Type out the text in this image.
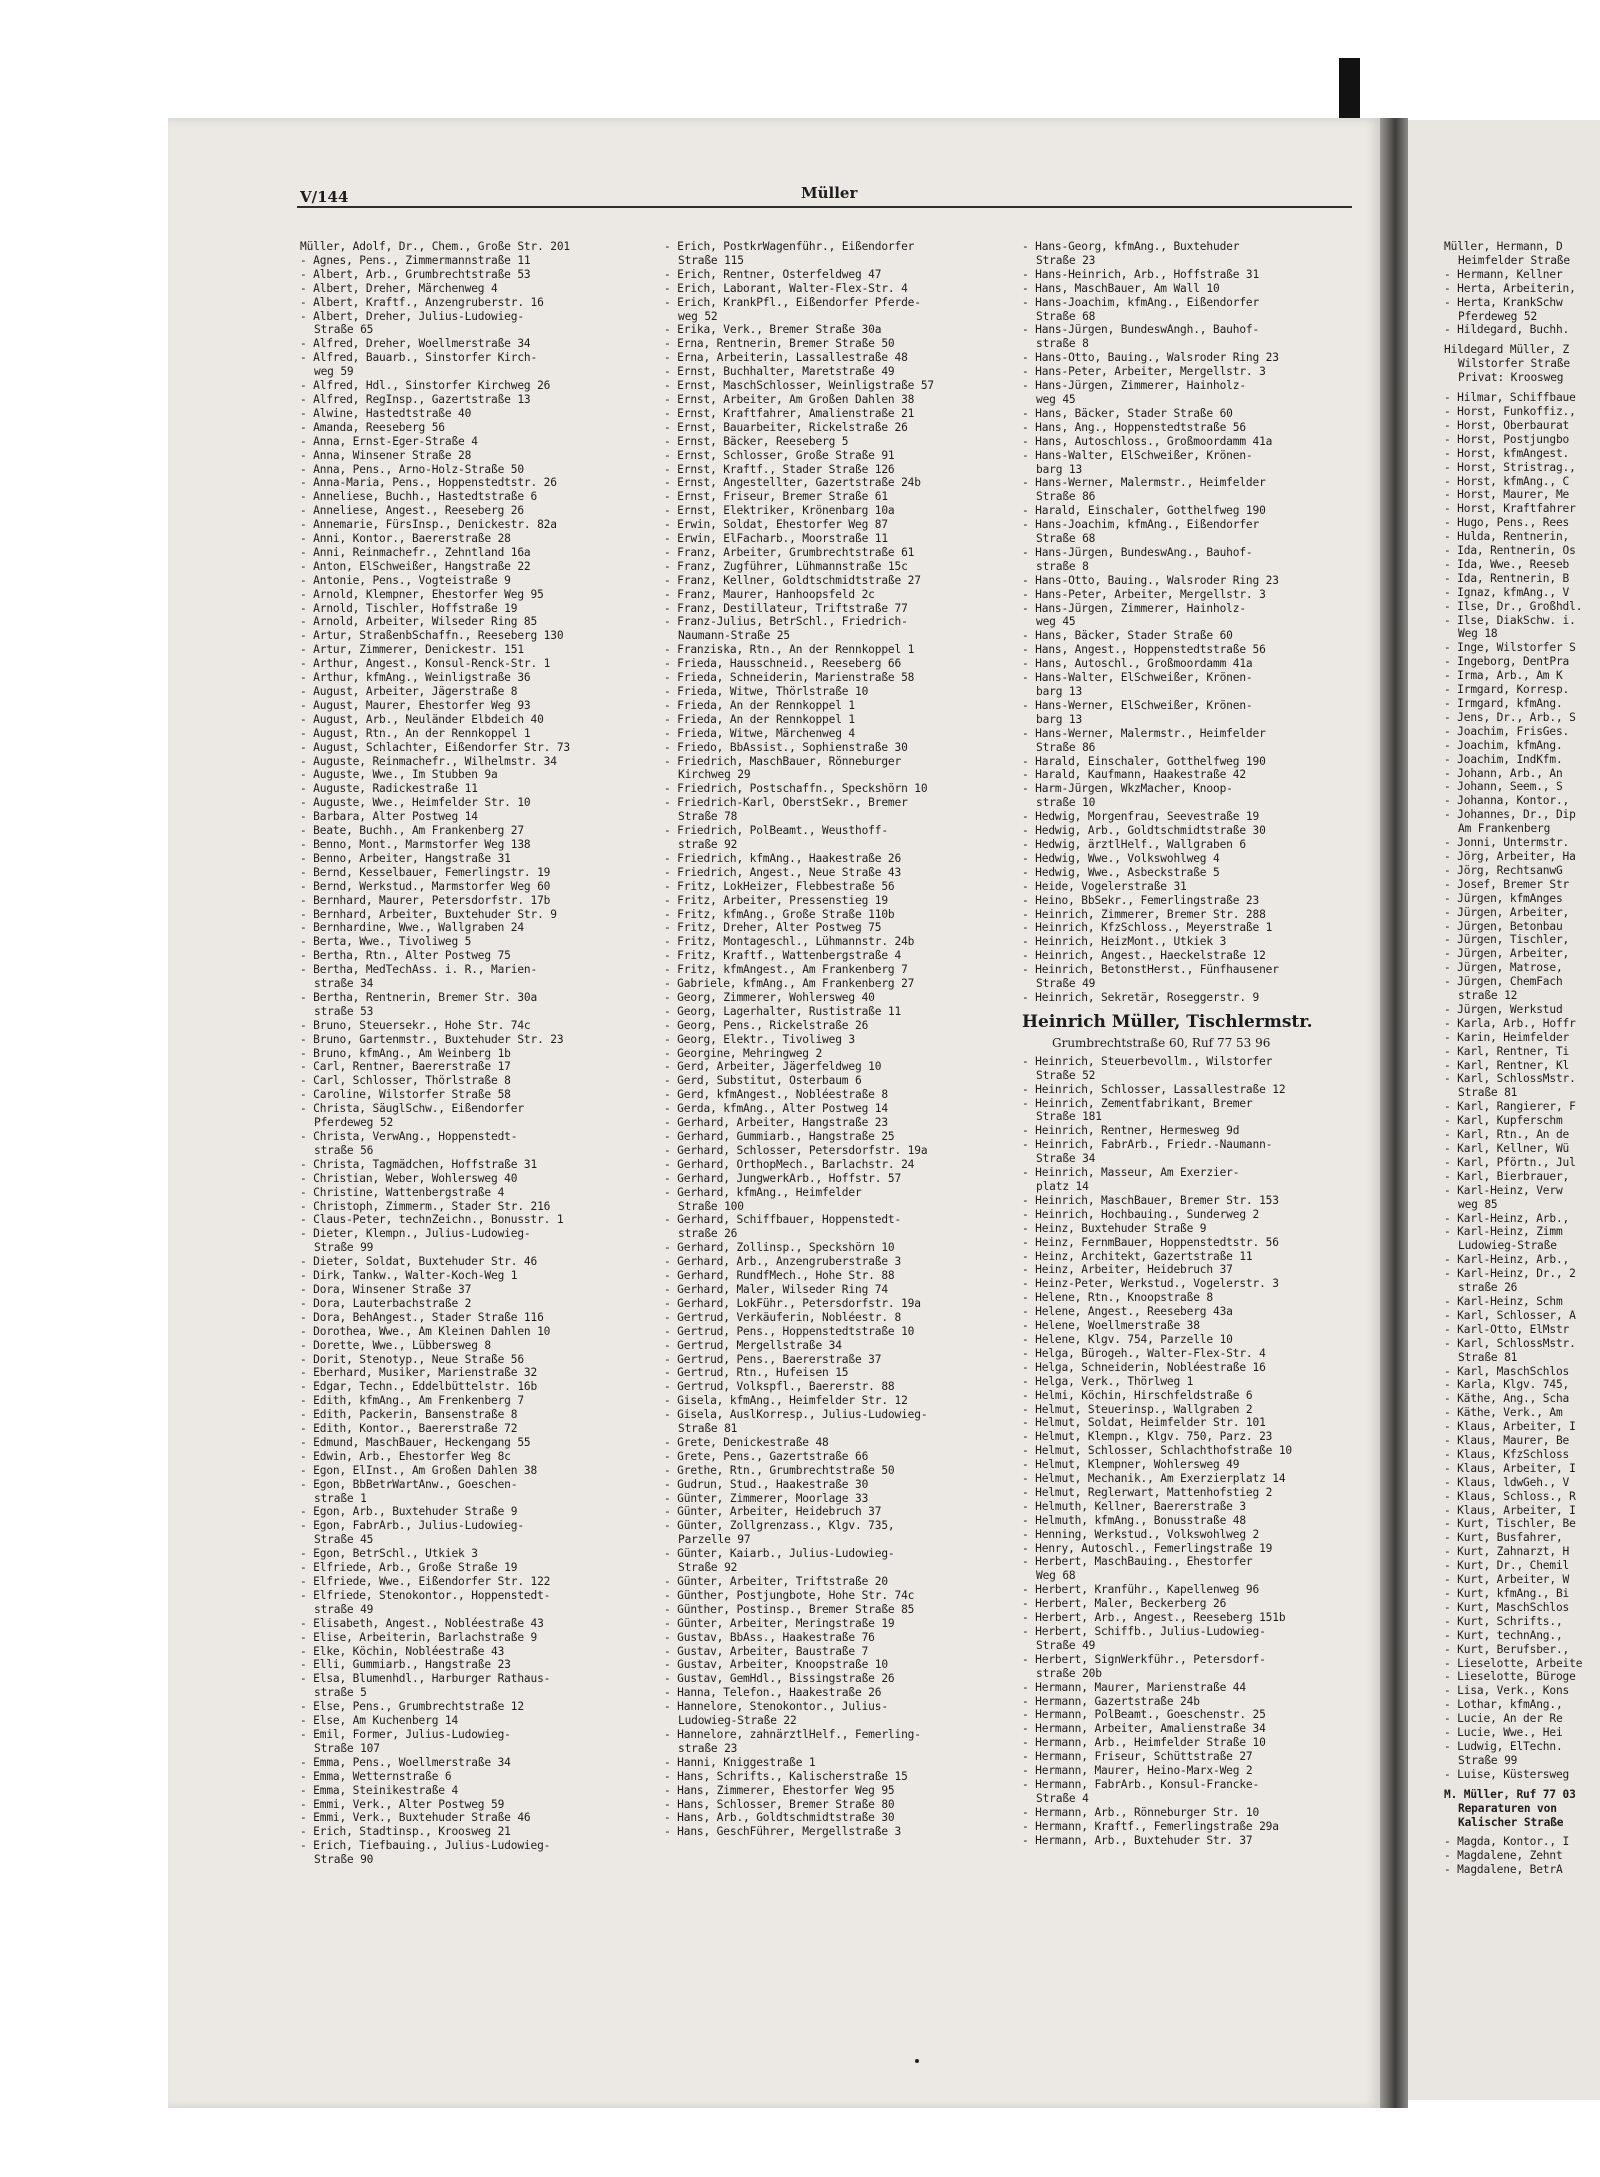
V/144	Müller
Müller, Adolf, Dr., Chem., Große Str. 201
- Agnes, Pens., Zimmermannstraße 11
- Albert, Arb., Grumbrechtstraße 53
- Albert, Dreher, Märchenweg 4
- Albert, Kraftf., Anzengruberstr. 16
- Albert, Dreher, Julius-Ludowieg-
Straße 65
- Alfred, Dreher, Woellmerstraße 34
- Alfred, Bauarb., Sinstorfer Kirch-
weg 59
- Alfred, Hdl., Sinstorfer Kirchweg 26
- Alfred, RegInsp., Gazertstraße 13
- Alwine, Hastedtstraße 40
- Amanda, Reeseberg 56
- Anna, Ernst-Eger-Straße 4
- Anna, Winsener Straße 28
- Anna, Pens., Arno-Holz-Straße 50
- Anna-Maria, Pens., Hoppenstedtstr. 26
- Anneliese, Buchh., Hastedtstraße 6
- Anneliese, Angest., Reeseberg 26
- Annemarie, FürsInsp., Denickestr. 82a
- Anni, Kontor., Baererstraße 28
- Anni, Reinmachefr., Zehntland 16a
- Anton, ElSchweißer, Hangstraße 22
- Antonie, Pens., Vogteistraße 9
- Arnold, Klempner, Ehestorfer Weg 95
- Arnold, Tischler, Hoffstraße 19
- Arnold, Arbeiter, Wilseder Ring 85
- Artur, StraßenbSchaffn., Reeseberg 130
- Artur, Zimmerer, Denickestr. 151
- Arthur, Angest., Konsul-Renck-Str. 1
- Arthur, kfmAng., Weinligstraße 36
- August, Arbeiter, Jägerstraße 8
- August, Maurer, Ehestorfer Weg 93
- August, Arb., Neuländer Elbdeich 40
- August, Rtn., An der Rennkoppel 1
- August, Schlachter, Eißendorfer Str. 73
- Auguste, Reinmachefr., Wilhelmstr. 34
- Auguste, Wwe., Im Stubben 9a
- Auguste, Radickestraße 11
- Auguste, Wwe., Heimfelder Str. 10
- Barbara, Alter Postweg 14
- Beate, Buchh., Am Frankenberg 27
- Benno, Mont., Marmstorfer Weg 138
- Benno, Arbeiter, Hangstraße 31
- Bernd, Kesselbauer, Femerlingstr. 19
- Bernd, Werkstud., Marmstorfer Weg 60
- Bernhard, Maurer, Petersdorfstr. 17b
- Bernhard, Arbeiter, Buxtehuder Str. 9
- Bernhardine, Wwe., Wallgraben 24
- Berta, Wwe., Tivoliweg 5
- Bertha, Rtn., Alter Postweg 75
- Bertha, MedTechAss. i. R., Marien-
straße 34
- Bertha, Rentnerin, Bremer Str. 30a
straße 53
- Bruno, Steuersekr., Hohe Str. 74c
- Bruno, Gartenmstr., Buxtehuder Str. 23
- Bruno, kfmAng., Am Weinberg 1b
- Carl, Rentner, Baererstraße 17
- Carl, Schlosser, Thörlstraße 8
- Caroline, Wilstorfer Straße 58
- Christa, SäuglSchw., Eißendorfer
Pferdeweg 52
- Christa, VerwAng., Hoppenstedt-
straße 56
- Christa, Tagmädchen, Hoffstraße 31
- Christian, Weber, Wohlersweg 40
- Christine, Wattenbergstraße 4
- Christoph, Zimmerm., Stader Str. 216
- Claus-Peter, technZeichn., Bonusstr. 1
- Dieter, Klempn., Julius-Ludowieg-
Straße 99
- Dieter, Soldat, Buxtehuder Str. 46
- Dirk, Tankw., Walter-Koch-Weg 1
- Dora, Winsener Straße 37
- Dora, Lauterbachstraße 2
- Dora, BehAngest., Stader Straße 116
- Dorothea, Wwe., Am Kleinen Dahlen 10
- Dorette, Wwe., Lübbersweg 8
- Dorit, Stenotyp., Neue Straße 56
- Eberhard, Musiker, Marienstraße 32
- Edgar, Techn., Eddelbüttelstr. 16b
- Edith, kfmAng., Am Frenkenberg 7
- Edith, Packerin, Bansenstraße 8
- Edith, Kontor., Baererstraße 72
- Edmund, MaschBauer, Heckengang 55
- Edwin, Arb., Ehestorfer Weg 8c
- Egon, ElInst., Am Großen Dahlen 38
- Egon, BbBetrWartAnw., Goeschen-
straße 1
- Egon, Arb., Buxtehuder Straße 9
- Egon, FabrArb., Julius-Ludowieg-
Straße 45
- Egon, BetrSchl., Utkiek 3
- Elfriede, Arb., Große Straße 19
- Elfriede, Wwe., Eißendorfer Str. 122
- Elfriede, Stenokontor., Hoppenstedt-
straße 49
- Elisabeth, Angest., Nobléestraße 43
- Elise, Arbeiterin, Barlachstraße 9
- Elke, Köchin, Nobléestraße 43
- Elli, Gummiarb., Hangstraße 23
- Elsa, Blumenhdl., Harburger Rathaus-
straße 5
- Else, Pens., Grumbrechtstraße 12
- Else, Am Kuchenberg 14
- Emil, Former, Julius-Ludowieg-
Straße 107
- Emma, Pens., Woellmerstraße 34
- Emma, Wetternstraße 6
- Emma, Steinikestraße 4
- Emmi, Verk., Alter Postweg 59
- Emmi, Verk., Buxtehuder Straße 46
- Erich, Stadtinsp., Kroosweg 21
- Erich, Tiefbauing., Julius-Ludowieg-
Straße 90
- Erich, PostkrWagenführ., Eißendorfer
Straße 115
- Erich, Rentner, Osterfeldweg 47
- Erich, Laborant, Walter-Flex-Str. 4
- Erich, KrankPfl., Eißendorfer Pferde-
weg 52
- Erika, Verk., Bremer Straße 30a
- Erna, Rentnerin, Bremer Straße 50
- Erna, Arbeiterin, Lassallestraße 48
- Ernst, Buchhalter, Maretstraße 49
- Ernst, MaschSchlosser, Weinligstraße 57
- Ernst, Arbeiter, Am Großen Dahlen 38
- Ernst, Kraftfahrer, Amalienstraße 21
- Ernst, Bauarbeiter, Rickelstraße 26
- Ernst, Bäcker, Reeseberg 5
- Ernst, Schlosser, Große Straße 91
- Ernst, Kraftf., Stader Straße 126
- Ernst, Angestellter, Gazertstraße 24b
- Ernst, Friseur, Bremer Straße 61
- Ernst, Elektriker, Krönenbarg 10a
- Erwin, Soldat, Ehestorfer Weg 87
- Erwin, ElFacharb., Moorstraße 11
- Franz, Arbeiter, Grumbrechtstraße 61
- Franz, Zugführer, Lühmannstraße 15c
- Franz, Kellner, Goldtschmidtstraße 27
- Franz, Maurer, Hanhoopsfeld 2c
- Franz, Destillateur, Triftstraße 77
- Franz-Julius, BetrSchl., Friedrich-
Naumann-Straße 25
- Franziska, Rtn., An der Rennkoppel 1
- Frieda, Hausschneid., Reeseberg 66
- Frieda, Schneiderin, Marienstraße 58
- Frieda, Witwe, Thörlstraße 10
- Frieda, An der Rennkoppel 1
- Frieda, An der Rennkoppel 1
- Frieda, Witwe, Märchenweg 4
- Friedo, BbAssist., Sophienstraße 30
- Friedrich, MaschBauer, Rönneburger
Kirchweg 29
- Friedrich, Postschaffn., Speckshörn 10
- Friedrich-Karl, OberstSekr., Bremer
Straße 78
- Friedrich, PolBeamt., Weusthoff-
straße 92
- Friedrich, kfmAng., Haakestraße 26
- Friedrich, Angest., Neue Straße 43
- Fritz, LokHeizer, Flebbestraße 56
- Fritz, Arbeiter, Pressenstieg 19
- Fritz, kfmAng., Große Straße 110b
- Fritz, Dreher, Alter Postweg 75
- Fritz, Montageschl., Lühmannstr. 24b
- Fritz, Kraftf., Wattenbergstraße 4
- Fritz, kfmAngest., Am Frankenberg 7
- Gabriele, kfmAng., Am Frankenberg 27
- Georg, Zimmerer, Wohlersweg 40
- Georg, Lagerhalter, Rustistraße 11
- Georg, Pens., Rickelstraße 26
- Georg, Elektr., Tivoliweg 3
- Georgine, Mehringweg 2
- Gerd, Arbeiter, Jägerfeldweg 10
- Gerd, Substitut, Osterbaum 6
- Gerd, kfmAngest., Nobléestraße 8
- Gerda, kfmAng., Alter Postweg 14
- Gerhard, Arbeiter, Hangstraße 23
- Gerhard, Gummiarb., Hangstraße 25
- Gerhard, Schlosser, Petersdorfstr. 19a
- Gerhard, OrthopMech., Barlachstr. 24
- Gerhard, JungwerkArb., Hoffstr. 57
- Gerhard, kfmAng., Heimfelder
Straße 100
- Gerhard, Schiffbauer, Hoppenstedt-
straße 26
- Gerhard, Zollinsp., Speckshörn 10
- Gerhard, Arb., Anzengruberstraße 3
- Gerhard, RundfMech., Hohe Str. 88
- Gerhard, Maler, Wilseder Ring 74
- Gerhard, LokFühr., Petersdorfstr. 19a
- Gertrud, Verkäuferin, Nobléestr. 8
- Gertrud, Pens., Hoppenstedtstraße 10
- Gertrud, Mergellstraße 34
- Gertrud, Pens., Baererstraße 37
- Gertrud, Rtn., Hufeisen 15
- Gertrud, Volkspfl., Baererstr. 88
- Gisela, kfmAng., Heimfelder Str. 12
- Gisela, AuslKorresp., Julius-Ludowieg-
Straße 81
- Grete, Denickestraße 48
- Grete, Pens., Gazertstraße 66
- Grethe, Rtn., Grumbrechtstraße 50
- Gudrun, Stud., Haakestraße 30
- Günter, Zimmerer, Moorlage 33
- Günter, Arbeiter, Heidebruch 37
- Günter, Zollgrenzass., Klgv. 735,
Parzelle 97
- Günter, Kaiarb., Julius-Ludowieg-
Straße 92
- Günter, Arbeiter, Triftstraße 20
- Günther, Postjungbote, Hohe Str. 74c
- Günther, Postinsp., Bremer Straße 85
- Günter, Arbeiter, Meringstraße 19
- Gustav, BbAss., Haakestraße 76
- Gustav, Arbeiter, Baustraße 7
- Gustav, Arbeiter, Knoopstraße 10
- Gustav, GemHdl., Bissingstraße 26
- Hanna, Telefon., Haakestraße 26
- Hannelore, Stenokontor., Julius-
Ludowieg-Straße 22
- Hannelore, zahnärztlHelf., Femerling-
straße 23
- Hanni, Kniggestraße 1
- Hans, Schrifts., Kalischerstraße 15
- Hans, Zimmerer, Ehestorfer Weg 95
- Hans, Schlosser, Bremer Straße 80
- Hans, Arb., Goldtschmidtstraße 30
- Hans, GeschFührer, Mergellstraße 3
- Hans-Georg, kfmAng., Buxtehuder
Straße 23
- Hans-Heinrich, Arb., Hoffstraße 31
- Hans, MaschBauer, Am Wall 10
- Hans-Joachim, kfmAng., Eißendorfer
Straße 68
- Hans-Jürgen, BundeswAngh., Bauhof-
straße 8
- Hans-Otto, Bauing., Walsroder Ring 23
- Hans-Peter, Arbeiter, Mergellstr. 3
- Hans-Jürgen, Zimmerer, Hainholz-
weg 45
- Hans, Bäcker, Stader Straße 60
- Hans, Ang., Hoppenstedtstraße 56
- Hans, Autoschloss., Großmoordamm 41a
- Hans-Walter, ElSchweißer, Krönen-
barg 13
- Hans-Werner, Malermstr., Heimfelder
Straße 86
- Harald, Einschaler, Gotthelfweg 190
- Hans-Joachim, kfmAng., Eißendorfer
Straße 68
- Hans-Jürgen, BundeswAng., Bauhof-
straße 8
- Hans-Otto, Bauing., Walsroder Ring 23
- Hans-Peter, Arbeiter, Mergellstr. 3
- Hans-Jürgen, Zimmerer, Hainholz-
weg 45
- Hans, Bäcker, Stader Straße 60
- Hans, Angest., Hoppenstedtstraße 56
- Hans, Autoschl., Großmoordamm 41a
- Hans-Walter, ElSchweißer, Krönen-
barg 13
- Hans-Werner, ElSchweißer, Krönen-
barg 13
- Hans-Werner, Malermstr., Heimfelder
Straße 86
- Harald, Einschaler, Gotthelfweg 190
- Harald, Kaufmann, Haakestraße 42
- Harm-Jürgen, WkzMacher, Knoop-
straße 10
- Hedwig, Morgenfrau, Seevestraße 19
- Hedwig, Arb., Goldtschmidtstraße 30
- Hedwig, ärztlHelf., Wallgraben 6
- Hedwig, Wwe., Volkswohlweg 4
- Hedwig, Wwe., Asbeckstraße 5
- Heide, Vogelerstraße 31
- Heino, BbSekr., Femerlingstraße 23
- Heinrich, Zimmerer, Bremer Str. 288
- Heinrich, KfzSchloss., Meyerstraße 1
- Heinrich, HeizMont., Utkiek 3
- Heinrich, Angest., Haeckelstraße 12
- Heinrich, BetonstHerst., Fünfhausener
Straße 49
- Heinrich, Sekretär, Roseggerstr. 9
Heinrich Müller, Tischlermstr.
Grumbrechtstraße 60, Ruf 77 53 96
- Heinrich, Steuerbevollm., Wilstorfer
Straße 52
- Heinrich, Schlosser, Lassallestraße 12
- Heinrich, Zementfabrikant, Bremer
Straße 181
- Heinrich, Rentner, Hermesweg 9d
- Heinrich, FabrArb., Friedr.-Naumann-
Straße 34
- Heinrich, Masseur, Am Exerzier-
platz 14
- Heinrich, MaschBauer, Bremer Str. 153
- Heinrich, Hochbauing., Sunderweg 2
- Heinz, Buxtehuder Straße 9
- Heinz, FernmBauer, Hoppenstedtstr. 56
- Heinz, Architekt, Gazertstraße 11
- Heinz, Arbeiter, Heidebruch 37
- Heinz-Peter, Werkstud., Vogelerstr. 3
- Helene, Rtn., Knoopstraße 8
- Helene, Angest., Reeseberg 43a
- Helene, Woellmerstraße 38
- Helene, Klgv. 754, Parzelle 10
- Helga, Bürogeh., Walter-Flex-Str. 4
- Helga, Schneiderin, Nobléestraße 16
- Helga, Verk., Thörlweg 1
- Helmi, Köchin, Hirschfeldstraße 6
- Helmut, Steuerinsp., Wallgraben 2
- Helmut, Soldat, Heimfelder Str. 101
- Helmut, Klempn., Klgv. 750, Parz. 23
- Helmut, Schlosser, Schlachthofstraße 10
- Helmut, Klempner, Wohlersweg 49
- Helmut, Mechanik., Am Exerzierplatz 14
- Helmut, Reglerwart, Mattenhofstieg 2
- Helmuth, Kellner, Baererstraße 3
- Helmuth, kfmAng., Bonusstraße 48
- Henning, Werkstud., Volkswohlweg 2
- Henry, Autoschl., Femerlingstraße 19
- Herbert, MaschBauing., Ehestorfer
Weg 68
- Herbert, Kranführ., Kapellenweg 96
- Herbert, Maler, Beckerberg 26
- Herbert, Arb., Angest., Reeseberg 151b
- Herbert, Schiffb., Julius-Ludowieg-
Straße 49
- Herbert, SignWerkführ., Petersdorf-
straße 20b
- Hermann, Maurer, Marienstraße 44
- Hermann, Gazertstraße 24b
- Hermann, PolBeamt., Goeschenstr. 25
- Hermann, Arbeiter, Amalienstraße 34
- Hermann, Arb., Heimfelder Straße 10
- Hermann, Friseur, Schüttstraße 27
- Hermann, Maurer, Heino-Marx-Weg 2
- Hermann, FabrArb., Konsul-Francke-
Straße 4
- Hermann, Arb., Rönneburger Str. 10
- Hermann, Kraftf., Femerlingstraße 29a
- Hermann, Arb., Buxtehuder Str. 37
Müller, Hermann, D
Heimfelder Straße
- Hermann, Kellner
- Herta, Arbeiterin,
- Herta, KrankSchw
Pferdeweg 52
- Hildegard, Buchh.
Hildegard Müller, Z
Wilstorfer Straße
Privat: Kroosweg
- Hilmar, Schiffbaue
- Horst, Funkoffiz.,
- Horst, Oberbaurat
- Horst, Postjungbo
- Horst, kfmAngest.
- Horst, Stristrag.,
- Horst, kfmAng., C
- Horst, Maurer, Me
- Horst, Kraftfahrer
- Hugo, Pens., Rees
- Hulda, Rentnerin,
- Ida, Rentnerin, Os
- Ida, Wwe., Reeseb
- Ida, Rentnerin, B
- Ignaz, kfmAng., V
- Ilse, Dr., Großhdl.
- Ilse, DiakSchw. i.
Weg 18
- Inge, Wilstorfer S
- Ingeborg, DentPra
- Irma, Arb., Am K
- Irmgard, Korresp.
- Irmgard, kfmAng.
- Jens, Dr., Arb., S
- Joachim, FrisGes.
- Joachim, kfmAng.
- Joachim, IndKfm.
- Johann, Arb., An
- Johann, Seem., S
- Johanna, Kontor.,
- Johannes, Dr., Dip
Am Frankenberg
- Jonni, Untermstr.
- Jörg, Arbeiter, Ha
- Jörg, RechtsanwG
- Josef, Bremer Str
- Jürgen, kfmAnges
- Jürgen, Arbeiter,
- Jürgen, Betonbau
- Jürgen, Tischler,
- Jürgen, Arbeiter,
- Jürgen, Matrose,
- Jürgen, ChemFach
straße 12
- Jürgen, Werkstud
- Karla, Arb., Hoffr
- Karin, Heimfelder
- Karl, Rentner, Ti
- Karl, Rentner, Kl
- Karl, SchlossMstr.
Straße 81
- Karl, Rangierer, F
- Karl, Kupferschm
- Karl, Rtn., An de
- Karl, Kellner, Wü
- Karl, Pförtn., Jul
- Karl, Bierbrauer,
- Karl-Heinz, Verw
weg 85
- Karl-Heinz, Arb.,
- Karl-Heinz, Zimm
Ludowieg-Straße
- Karl-Heinz, Arb.,
- Karl-Heinz, Dr., 2
straße 26
- Karl-Heinz, Schm
- Karl, Schlosser, A
- Karl-Otto, ElMstr
- Karl, SchlossMstr.
Straße 81
- Karl, MaschSchlos
- Karla, Klgv. 745,
- Käthe, Ang., Scha
- Käthe, Verk., Am
- Klaus, Arbeiter, I
- Klaus, Maurer, Be
- Klaus, KfzSchloss
- Klaus, Arbeiter, I
- Klaus, ldwGeh., V
- Klaus, Schloss., R
- Klaus, Arbeiter, I
- Kurt, Tischler, Be
- Kurt, Busfahrer,
- Kurt, Zahnarzt, H
- Kurt, Dr., Chemil
- Kurt, Arbeiter, W
- Kurt, kfmAng., Bi
- Kurt, MaschSchlos
- Kurt, Schrifts.,
- Kurt, technAng.,
- Kurt, Berufsber.,
- Lieselotte, Arbeite
- Lieselotte, Büroge
- Lisa, Verk., Kons
- Lothar, kfmAng.,
- Lucie, An der Re
- Lucie, Wwe., Hei
- Ludwig, ElTechn.
Straße 99
- Luise, Küstersweg
M. Müller, Ruf 77 03
Reparaturen von
Kalischer Straße
- Magda, Kontor., I
- Magdalene, Zehnt
- Magdalene, BetrA
